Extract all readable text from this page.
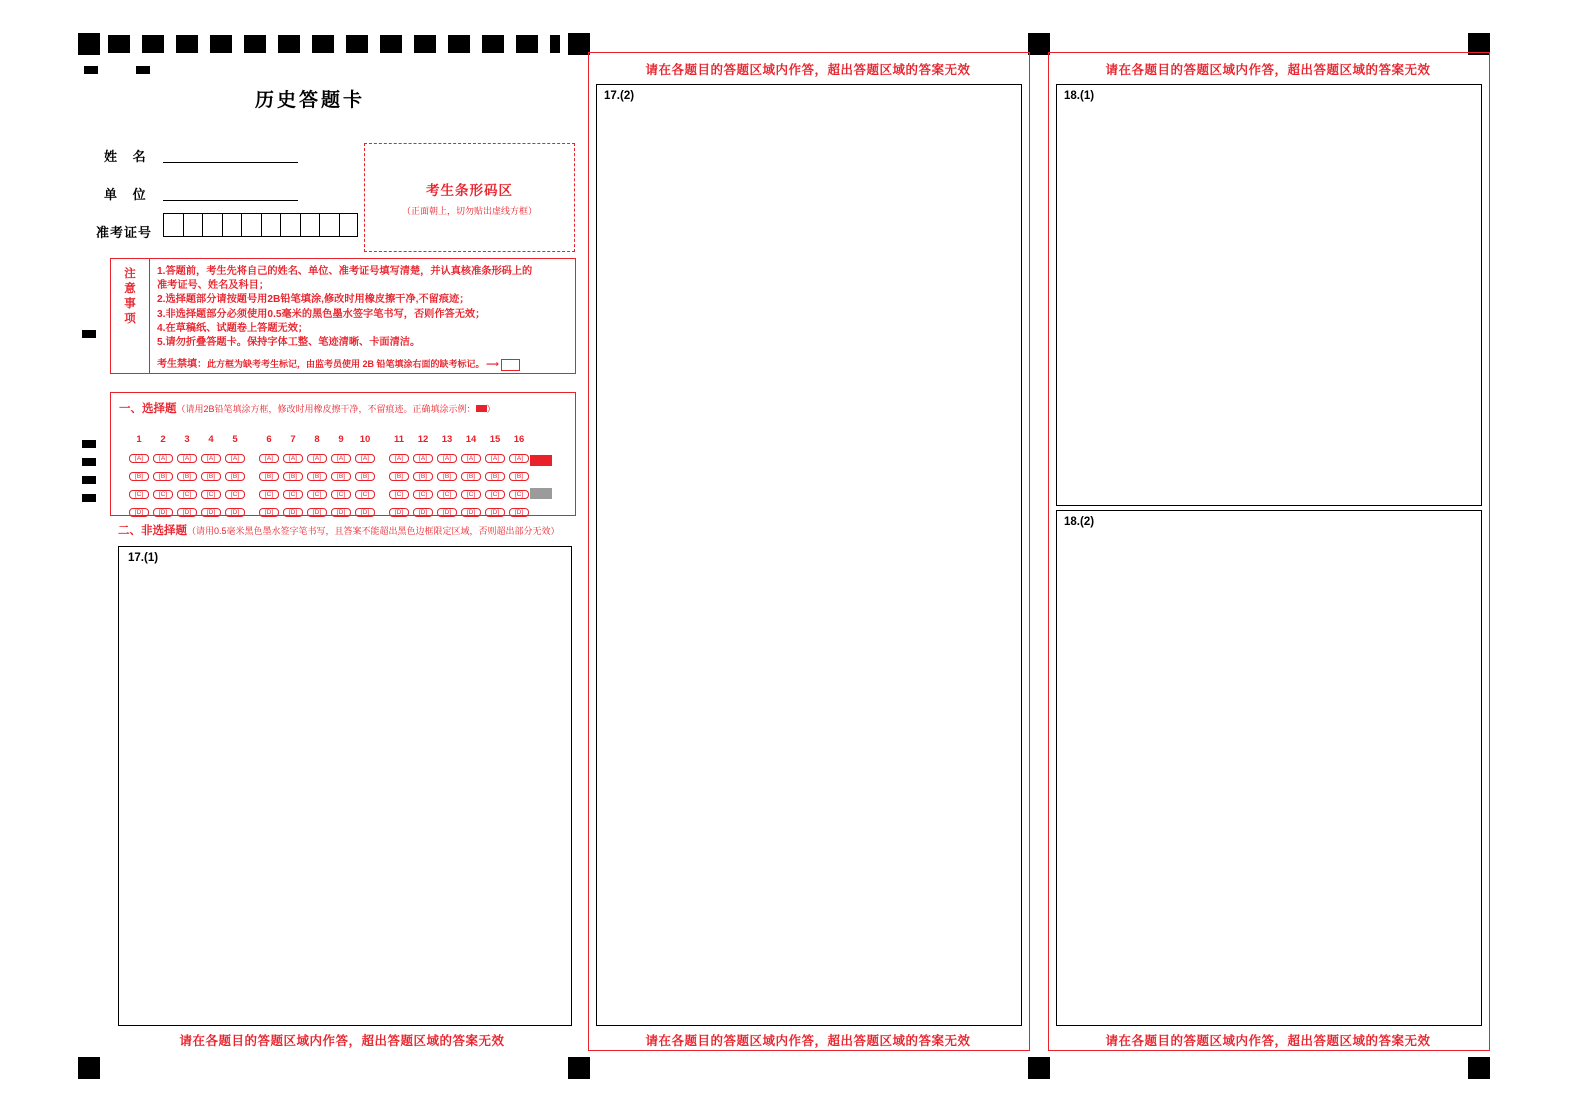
历史答题卡
姓 名
单 位
准考证号
考生条形码区
（正面朝上，切勿贴出虚线方框）
注
意
事
项
1.答题前，考生先将自己的姓名、单位、准考证号填写清楚，并认真核准条形码上的
准考证号、姓名及科目；
2.选择题部分请按题号用2B铅笔填涂,修改时用橡皮擦干净,不留痕迹；
3.非选择题部分必须使用0.5毫米的黑色墨水签字笔书写，否则作答无效；
4.在草稿纸、试题卷上答题无效；
5.请勿折叠答题卡。保持字体工整、笔迹清晰、卡面清洁。
考生禁填：此方框为缺考考生标记，由监考员使用 2B 铅笔填涂右面的缺考标记。 ⟶
一、选择题（请用2B铅笔填涂方框，修改时用橡皮擦干净，不留痕迹。正确填涂示例： ）
1 2 3 4 5
[A] [A] [A] [A] [A]
[B] [B] [B] [B] [B]
[C] [C] [C] [C] [C]
[D] [D] [D] [D] [D]
6 7 8 9 10
[A] [A] [A] [A] [A]
[B] [B] [B] [B] [B]
[C] [C] [C] [C] [C]
[D] [D] [D] [D] [D]
11 12 13 14 15 16
[A] [A] [A] [A] [A] [A]
[B] [B] [B] [B] [B] [B]
[C] [C] [C] [C] [C] [C]
[D] [D] [D] [D] [D] [D]
二、非选择题（请用0.5毫米黑色墨水签字笔书写，且答案不能超出黑色边框限定区域，否则超出部分无效）
17.(1)
请在各题目的答题区域内作答，超出答题区域的答案无效
请在各题目的答题区域内作答，超出答题区域的答案无效
17.(2)
请在各题目的答题区域内作答，超出答题区域的答案无效
请在各题目的答题区域内作答，超出答题区域的答案无效
18.(1)
18.(2)
请在各题目的答题区域内作答，超出答题区域的答案无效
